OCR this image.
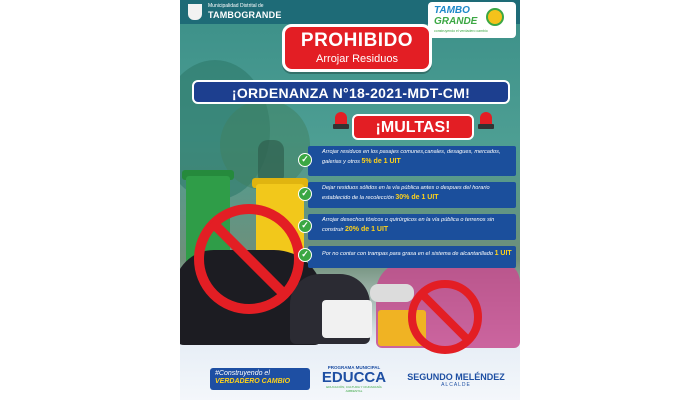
Municipalidad Distrital de
TAMBOGRANDE	TAMBO
GRANDE
construyendo el verdadero cambio
PROHIBIDO
Arrojar Residuos
¡ORDENANZA N°18-2021-MDT-CM!
¡MULTAS!
Arrojar residuos en los pasajes comunes,canales, desagues, mercados, galerias y otros 5% de 1 UIT
✓
Dejar residuos sólidos en la vía pública antes o despues del horario establecido de la recolección 30% de 1 UIT
✓
Arrojar desechos tóxicos o quirúrgicos en la vía pública o terrenos sin construir 20% de 1 UIT
✓
Por no contar con trampas para grasa en el sistema de alcantarillado 1 UIT
✓
#Construyendo el
VERDADERO CAMBIO
PROGRAMA MUNICIPAL
EDUCCA
EDUCACIÓN, CULTURA Y CIUDADANÍA AMBIENTAL
SEGUNDO MELÉNDEZ
ALCALDE
